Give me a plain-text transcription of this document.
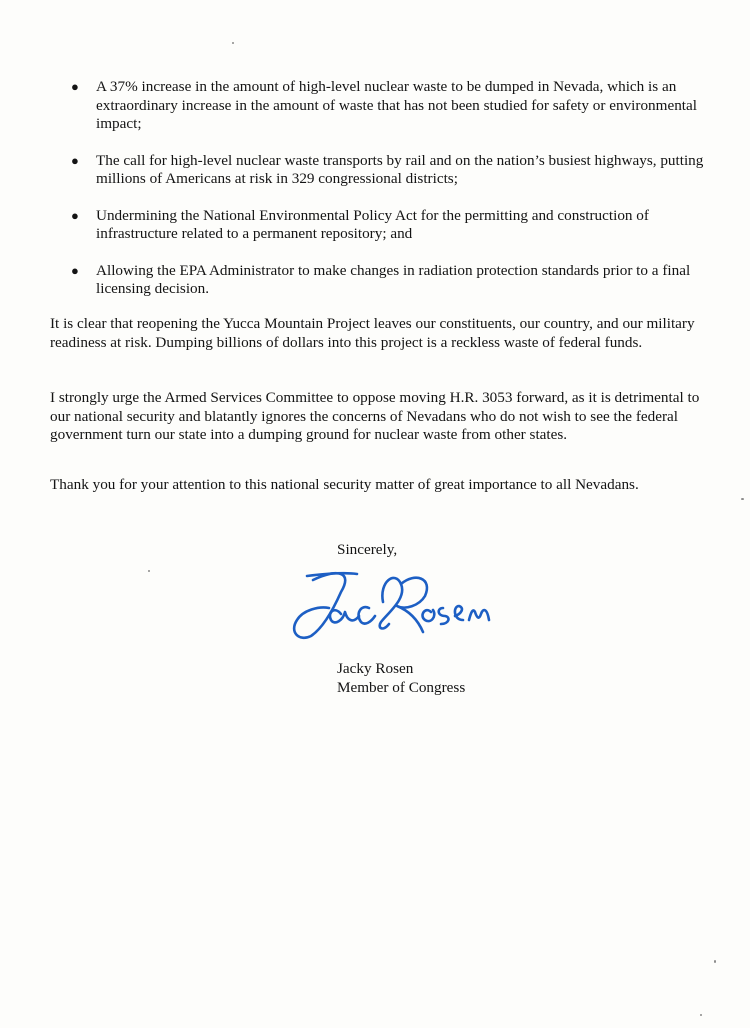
● A 37% increase in the amount of high-level nuclear waste to be dumped in Nevada, which is an extraordinary increase in the amount of waste that has not been studied for safety or environmental impact;
● The call for high-level nuclear waste transports by rail and on the nation’s busiest highways, putting millions of Americans at risk in 329 congressional districts;
● Undermining the National Environmental Policy Act for the permitting and construction of infrastructure related to a permanent repository; and
● Allowing the EPA Administrator to make changes in radiation protection standards prior to a final licensing decision.

It is clear that reopening the Yucca Mountain Project leaves our constituents, our country, and our military readiness at risk. Dumping billions of dollars into this project is a reckless waste of federal funds.

I strongly urge the Armed Services Committee to oppose moving H.R. 3053 forward, as it is detrimental to our national security and blatantly ignores the concerns of Nevadans who do not wish to see the federal government turn our state into a dumping ground for nuclear waste from other states.

Thank you for your attention to this national security matter of great importance to all Nevadans.

Sincerely,
Jacky Rosen
Member of Congress
